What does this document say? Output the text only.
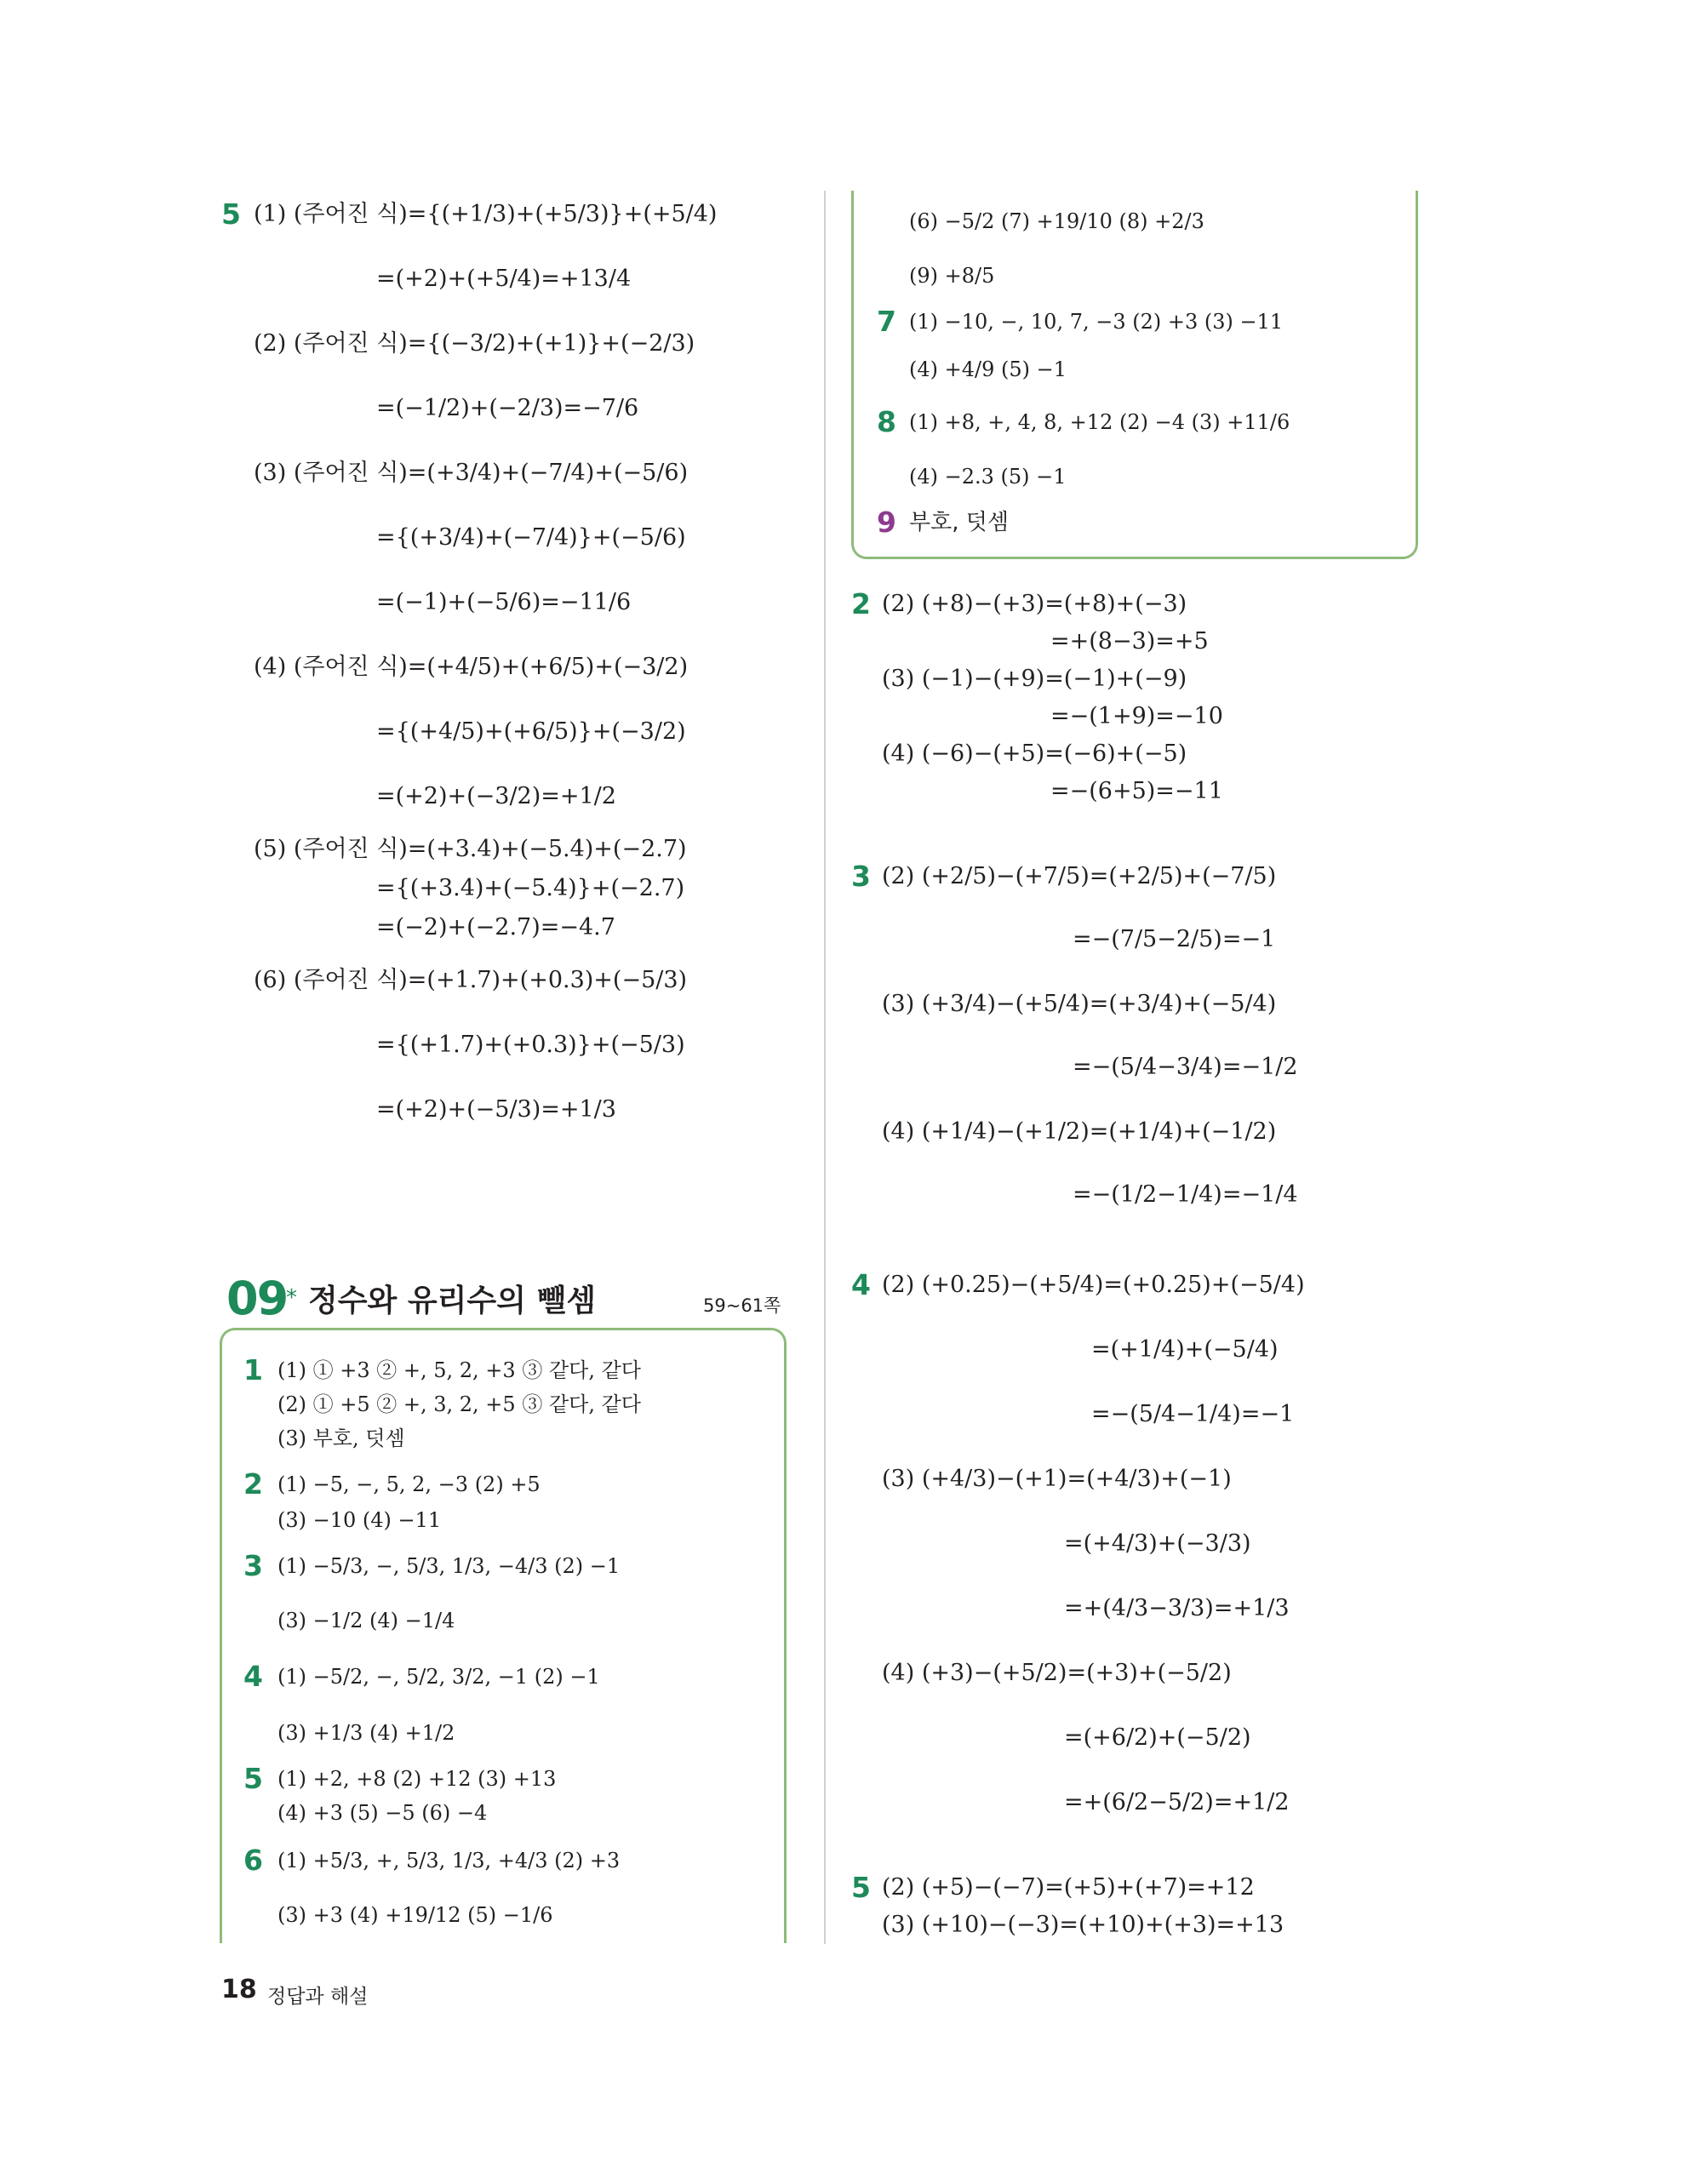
5 (1) (주어진 식)={(+1/3)+(+5/3)}+(+5/4)
=(+2)+(+5/4)=+13/4
(2) (주어진 식)={(−3/2)+(+1)}+(−2/3)
=(−1/2)+(−2/3)=−7/6
(3) (주어진 식)=(+3/4)+(−7/4)+(−5/6)
={(+3/4)+(−7/4)}+(−5/6)
=(−1)+(−5/6)=−11/6
(4) (주어진 식)=(+4/5)+(+6/5)+(−3/2)
={(+4/5)+(+6/5)}+(−3/2)
=(+2)+(−3/2)=+1/2
(5) (주어진 식)=(+3.4)+(−5.4)+(−2.7)
={(+3.4)+(−5.4)}+(−2.7)
=(−2)+(−2.7)=−4.7
(6) (주어진 식)=(+1.7)+(+0.3)+(−5/3)
={(+1.7)+(+0.3)}+(−5/3)
=(+2)+(−5/3)=+1/3
(6) −5/2 (7) +19/10 (8) +2/3
(9) +8/5
7 (1) −10, −, 10, 7, −3 (2) +3 (3) −11
(4) +4/9 (5) −1
8 (1) +8, +, 4, 8, +12 (2) −4 (3) +11/6
(4) −2.3 (5) −1
9 부호, 덧셈
2 (2) (+8)−(+3)=(+8)+(−3)
=+(8−3)=+5
(3) (−1)−(+9)=(−1)+(−9)
=−(1+9)=−10
(4) (−6)−(+5)=(−6)+(−5)
=−(6+5)=−11
3 (2) (+2/5)−(+7/5)=(+2/5)+(−7/5)
=−(7/5−2/5)=−1
(3) (+3/4)−(+5/4)=(+3/4)+(−5/4)
=−(5/4−3/4)=−1/2
(4) (+1/4)−(+1/2)=(+1/4)+(−1/2)
=−(1/2−1/4)=−1/4
4 (2) (+0.25)−(+5/4)=(+0.25)+(−5/4)
=(+1/4)+(−5/4)
=−(5/4−1/4)=−1
(3) (+4/3)−(+1)=(+4/3)+(−1)
=(+4/3)+(−3/3)
=+(4/3−3/3)=+1/3
(4) (+3)−(+5/2)=(+3)+(−5/2)
=(+6/2)+(−5/2)
=+(6/2−5/2)=+1/2
5 (2) (+5)−(−7)=(+5)+(+7)=+12
(3) (+10)−(−3)=(+10)+(+3)=+13
09
* 정수와 유리수의 뺄셈	59~61쪽
1 (1) ① +3 ② +, 5, 2, +3 ③ 같다, 같다
(2) ① +5 ② +, 3, 2, +5 ③ 같다, 같다
(3) 부호, 덧셈
2 (1) −5, −, 5, 2, −3 (2) +5
(3) −10 (4) −11
3 (1) −5/3, −, 5/3, 1/3, −4/3 (2) −1
(3) −1/2 (4) −1/4
4 (1) −5/2, −, 5/2, 3/2, −1 (2) −1
(3) +1/3 (4) +1/2
5 (1) +2, +8 (2) +12 (3) +13
(4) +3 (5) −5 (6) −4
6 (1) +5/3, +, 5/3, 1/3, +4/3 (2) +3
(3) +3 (4) +19/12 (5) −1/6
18 정답과 해설
